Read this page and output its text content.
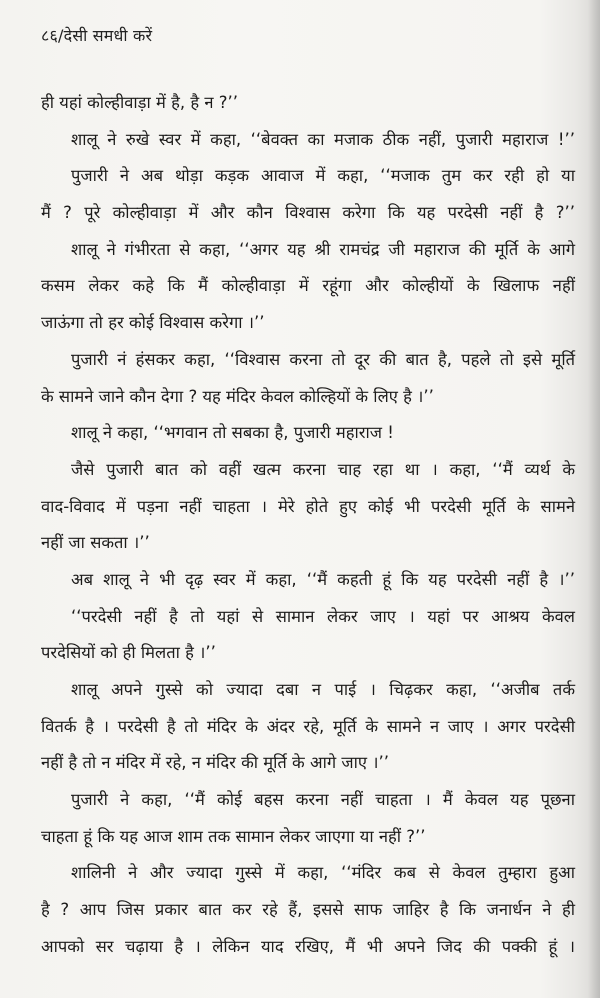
८६/देसी समधी करें
ही यहां कोल्हीवाड़ा में है, है न ?’’
शालू ने रुखे स्वर में कहा, ‘‘बेवक्त का मजाक ठीक नहीं, पुजारी महाराज !’’
पुजारी ने अब थोड़ा कड़क आवाज में कहा, ‘‘मजाक तुम कर रही हो या
मैं ? पूरे कोल्हीवाड़ा में और कौन विश्वास करेगा कि यह परदेसी नहीं है ?’’
शालू ने गंभीरता से कहा, ‘‘अगर यह श्री रामचंद्र जी महाराज की मूर्ति के आगे
कसम लेकर कहे कि मैं कोल्हीवाड़ा में रहूंगा और कोल्हीयों के खिलाफ नहीं
जाऊंगा तो हर कोई विश्वास करेगा ।’’
पुजारी नं हंसकर कहा, ‘‘विश्वास करना तो दूर की बात है, पहले तो इसे मूर्ति
के सामने जाने कौन देगा ? यह मंदिर केवल कोल्हियों के लिए है ।’’
शालू ने कहा, ‘‘भगवान तो सबका है, पुजारी महाराज !
जैसे पुजारी बात को वहीं खत्म करना चाह रहा था । कहा, ‘‘मैं व्यर्थ के
वाद-विवाद में पड़ना नहीं चाहता । मेरे होते हुए कोई भी परदेसी मूर्ति के सामने
नहीं जा सकता ।’’
अब शालू ने भी दृढ़ स्वर में कहा, ‘‘मैं कहती हूं कि यह परदेसी नहीं है ।’’
‘‘परदेसी नहीं है तो यहां से सामान लेकर जाए । यहां पर आश्रय केवल
परदेसियों को ही मिलता है ।’’
शालू अपने गुस्से को ज्यादा दबा न पाई । चिढ़कर कहा, ‘‘अजीब तर्क
वितर्क है । परदेसी है तो मंदिर के अंदर रहे, मूर्ति के सामने न जाए । अगर परदेसी
नहीं है तो न मंदिर में रहे, न मंदिर की मूर्ति के आगे जाए ।’’
पुजारी ने कहा, ‘‘मैं कोई बहस करना नहीं चाहता । मैं केवल यह पूछना
चाहता हूं कि यह आज शाम तक सामान लेकर जाएगा या नहीं ?’’
शालिनी ने और ज्यादा गुस्से में कहा, ‘‘मंदिर कब से केवल तुम्हारा हुआ
है ? आप जिस प्रकार बात कर रहे हैं, इससे साफ जाहिर है कि जनार्धन ने ही
आपको सर चढ़ाया है । लेकिन याद रखिए, मैं भी अपने जिद की पक्की हूं ।
